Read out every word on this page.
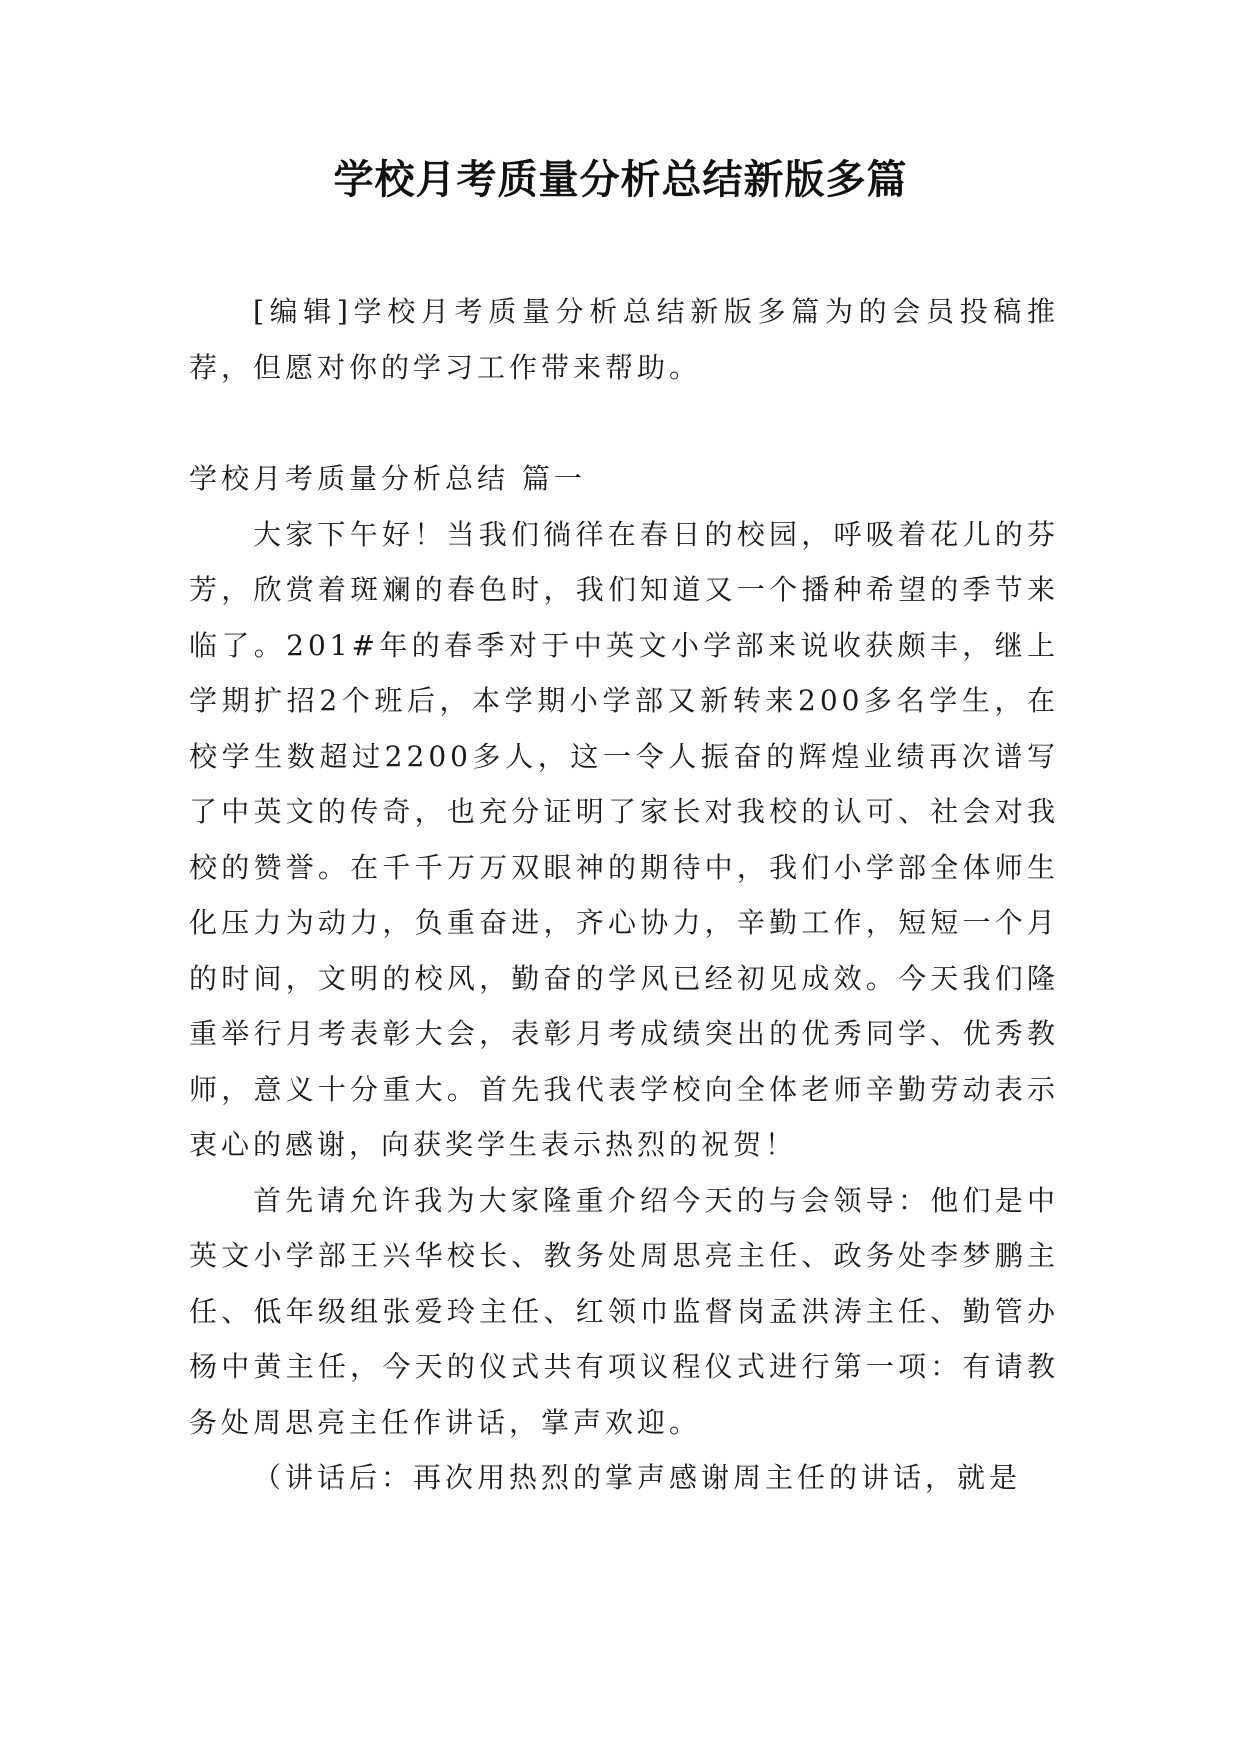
学校月考质量分析总结新版多篇

[编辑]学校月考质量分析总结新版多篇为的会员投稿推荐，但愿对你的学习工作带来帮助。

学校月考质量分析总结 篇一

大家下午好！当我们徜徉在春日的校园，呼吸着花儿的芬芳，欣赏着斑斓的春色时，我们知道又一个播种希望的季节来临了。201#年的春季对于中英文小学部来说收获颇丰，继上学期扩招2个班后，本学期小学部又新转来200多名学生，在校学生数超过2200多人，这一令人振奋的辉煌业绩再次谱写了中英文的传奇，也充分证明了家长对我校的认可、社会对我校的赞誉。在千千万万双眼神的期待中，我们小学部全体师生化压力为动力，负重奋进，齐心协力，辛勤工作，短短一个月的时间，文明的校风，勤奋的学风已经初见成效。今天我们隆重举行月考表彰大会，表彰月考成绩突出的优秀同学、优秀教师，意义十分重大。首先我代表学校向全体老师辛勤劳动表示衷心的感谢，向获奖学生表示热烈的祝贺！

首先请允许我为大家隆重介绍今天的与会领导：他们是中英文小学部王兴华校长、教务处周思亮主任、政务处李梦鹏主任、低年级组张爱玲主任、红领巾监督岗孟洪涛主任、勤管办杨中黄主任，今天的仪式共有项议程仪式进行第一项：有请教务处周思亮主任作讲话，掌声欢迎。

（讲话后：再次用热烈的掌声感谢周主任的讲话，就是
